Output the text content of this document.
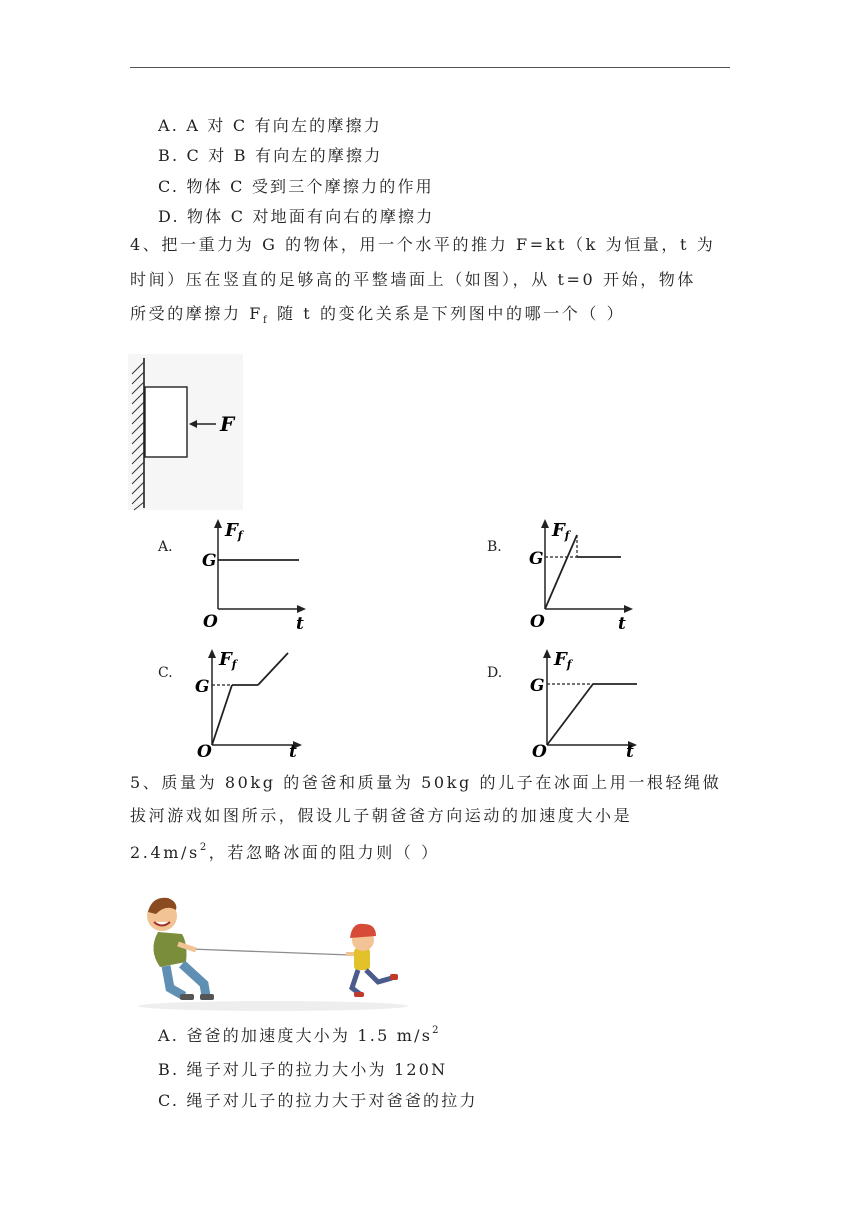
A. A 对 C 有向左的摩擦力
B. C 对 B 有向左的摩擦力
C. 物体 C 受到三个摩擦力的作用
D. 物体 C 对地面有向右的摩擦力
4、把一重力为 G 的物体，用一个水平的推力 F=kt（k 为恒量，t 为
时间）压在竖直的足够高的平整墙面上（如图），从 t=0 开始，物体
所受的摩擦力 $F_f$ 随 t 的变化关系是下列图中的哪一个（ ）
F
A.	B.
C.	D.
Ff
G
O	t
Ff
G
O	t
Ff
G
O	t
Ff
G
O	t
5、质量为 80kg 的爸爸和质量为 50kg 的儿子在冰面上用一根轻绳做
拔河游戏如图所示，假设儿子朝爸爸方向运动的加速度大小是
$2.4m/s^2$，若忽略冰面的阻力则（ ）
A. 爸爸的加速度大小为 1.5 $m/s^2$
B. 绳子对儿子的拉力大小为 120N
C. 绳子对儿子的拉力大于对爸爸的拉力
